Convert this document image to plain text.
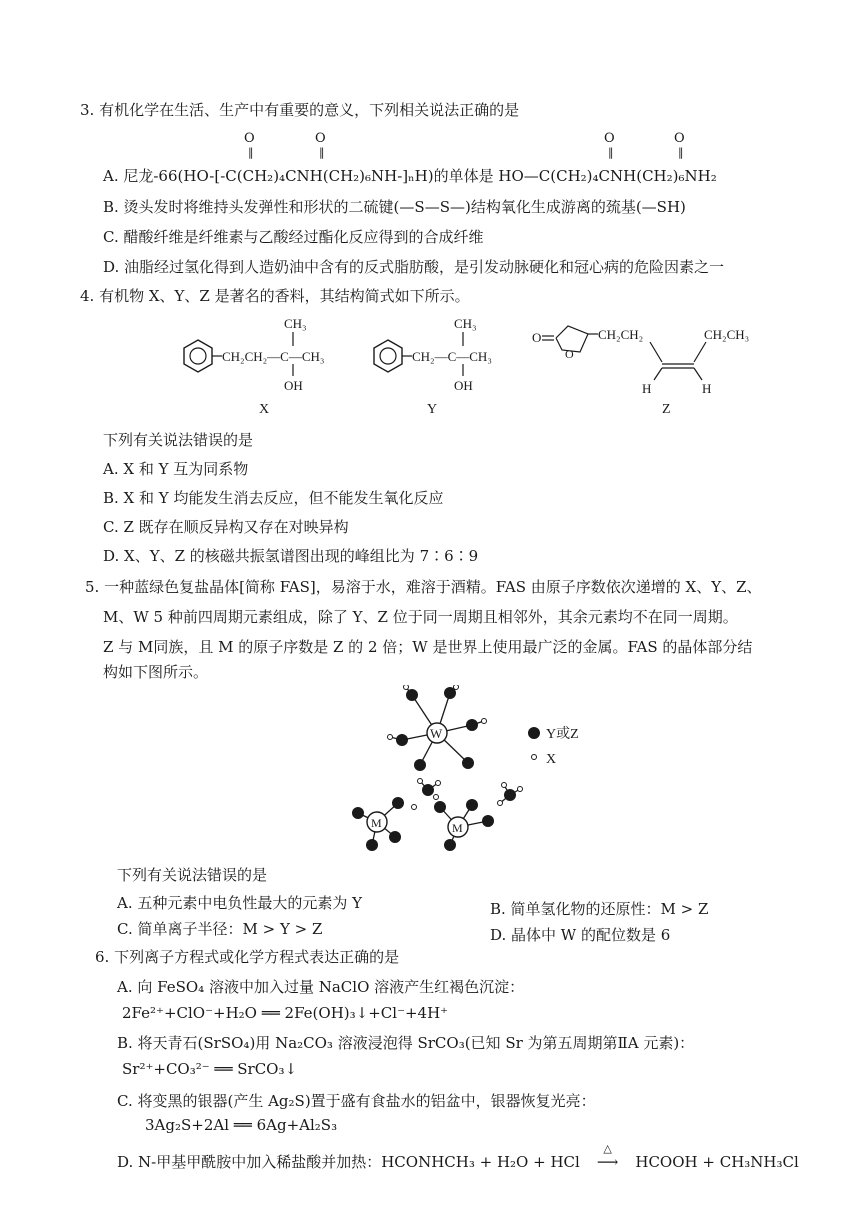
3. 有机化学在生活、生产中有重要的意义，下列相关说法正确的是
O
‖
O
‖
O
‖
O
‖
A. 尼龙-66(HO-[-C(CH₂)₄CNH(CH₂)₆NH-]ₙH)的单体是 HO—C(CH₂)₄CNH(CH₂)₆NH₂
B. 烫头发时将维持头发弹性和形状的二硫键(—S—S—)结构氧化生成游离的巯基(—SH)
C. 醋酸纤维是纤维素与乙酸经过酯化反应得到的合成纤维
D. 油脂经过氢化得到人造奶油中含有的反式脂肪酸，是引发动脉硬化和冠心病的危险因素之一
4. 有机物 X、Y、Z 是著名的香料，其结构简式如下所示。
CH₂CH₂—C—CH₃
CH₃
OH
X
CH₂—C—CH₃
CH₃
OH
Y
O
O
CH₂CH₂	CH₂CH₃
H	H
Z
下列有关说法错误的是
A. X 和 Y 互为同系物
B. X 和 Y 均能发生消去反应，但不能发生氧化反应
C. Z 既存在顺反异构又存在对映异构
D. X、Y、Z 的核磁共振氢谱图出现的峰组比为 7∶6∶9
5. 一种蓝绿色复盐晶体[简称 FAS]，易溶于水，难溶于酒精。FAS 由原子序数依次递增的 X、Y、Z、
M、W 5 种前四周期元素组成，除了 Y、Z 位于同一周期且相邻外，其余元素均不在同一周期。
Z 与 M同族，且 M 的原子序数是 Z 的 2 倍；W 是世界上使用最广泛的金属。FAS 的晶体部分结
构如下图所示。
W
M	M
Y或Z
X
下列有关说法错误的是
A. 五种元素中电负性最大的元素为 Y	B. 简单氢化物的还原性：M > Z
C. 简单离子半径：M > Y > Z	D. 晶体中 W 的配位数是 6
6. 下列离子方程式或化学方程式表达正确的是
A. 向 FeSO₄ 溶液中加入过量 NaClO 溶液产生红褐色沉淀：
2Fe²⁺+ClO⁻+H₂O ══ 2Fe(OH)₃↓+Cl⁻+4H⁺
B. 将天青石(SrSO₄)用 Na₂CO₃ 溶液浸泡得 SrCO₃(已知 Sr 为第五周期第ⅡA 元素)：
Sr²⁺+CO₃²⁻ ══ SrCO₃↓
C. 将变黑的银器(产生 Ag₂S)置于盛有食盐水的铝盆中，银器恢复光亮：
3Ag₂S+2Al ══ 6Ag+Al₂S₃
D. N-甲基甲酰胺中加入稀盐酸并加热：HCONHCH₃ + H₂O + HCl
△
⟶ HCOOH + CH₃NH₃Cl
